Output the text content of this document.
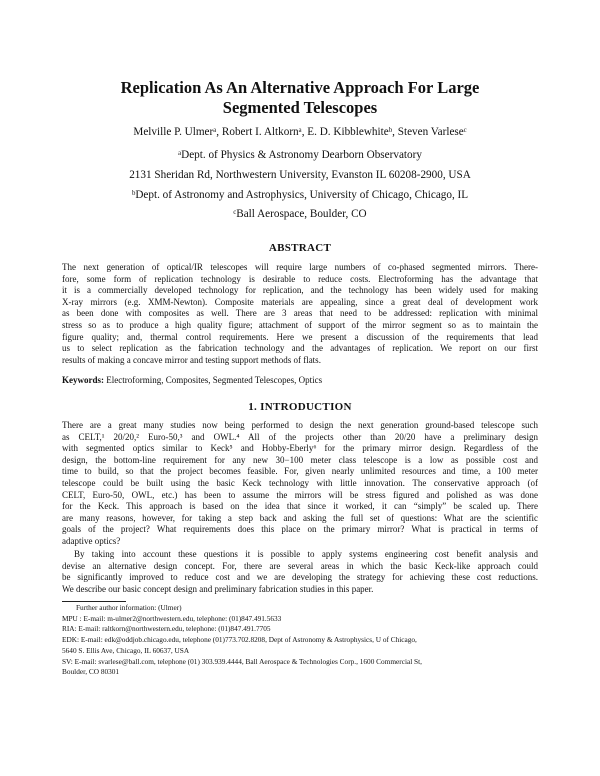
Replication As An Alternative Approach For Large
Segmented Telescopes
Melville P. Ulmerᵃ, Robert I. Altkornᵃ, E. D. Kibblewhiteᵇ, Steven Varleseᶜ
ᵃDept. of Physics & Astronomy Dearborn Observatory
2131 Sheridan Rd, Northwestern University, Evanston IL 60208-2900, USA
ᵇDept. of Astronomy and Astrophysics, University of Chicago, Chicago, IL
ᶜBall Aerospace, Boulder, CO
ABSTRACT
The next generation of optical/IR telescopes will require large numbers of co-phased segmented mirrors. There-
fore, some form of replication technology is desirable to reduce costs. Electroforming has the advantage that
it is a commercially developed technology for replication, and the technology has been widely used for making
X-ray mirrors (e.g. XMM-Newton). Composite materials are appealing, since a great deal of development work
as been done with composites as well. There are 3 areas that need to be addressed: replication with minimal
stress so as to produce a high quality figure; attachment of support of the mirror segment so as to maintain the
figure quality; and, thermal control requirements. Here we present a discussion of the requirements that lead
us to select replication as the fabrication technology and the advantages of replication. We report on our first
results of making a concave mirror and testing support methods of flats.
Keywords: Electroforming, Composites, Segmented Telescopes, Optics
1. INTRODUCTION
There are a great many studies now being performed to design the next generation ground-based telescope such
as CELT,¹ 20/20,² Euro-50,³ and OWL.⁴ All of the projects other than 20/20 have a preliminary design
with segmented optics similar to Keck⁵ and Hobby-Eberly⁶ for the primary mirror design. Regardless of the
design, the bottom-line requirement for any new 30−100 meter class telescope is a low as possible cost and
time to build, so that the project becomes feasible. For, given nearly unlimited resources and time, a 100 meter
telescope could be built using the basic Keck technology with little innovation. The conservative approach (of
CELT, Euro-50, OWL, etc.) has been to assume the mirrors will be stress figured and polished as was done
for the Keck. This approach is based on the idea that since it worked, it can “simply” be scaled up. There
are many reasons, however, for taking a step back and asking the full set of questions: What are the scientific
goals of the project? What requirements does this place on the primary mirror? What is practical in terms of
adaptive optics?
By taking into account these questions it is possible to apply systems engineering cost benefit analysis and
devise an alternative design concept. For, there are several areas in which the basic Keck-like approach could
be significantly improved to reduce cost and we are developing the strategy for achieving these cost reductions.
We describe our basic concept design and preliminary fabrication studies in this paper.
Further author information: (Ulmer)
MPU : E-mail: m-ulmer2@northwestern.edu, telephone: (01)847.491.5633
RIA: E-mail: raltkorn@northwestern.edu, telephone: (01)847.491.7705
EDK: E-mail: edk@oddjob.chicago.edu, telephone (01)773.702.8208, Dept of Astronomy & Astrophysics, U of Chicago,
5640 S. Ellis Ave, Chicago, IL 60637, USA
SV: E-mail: svarlese@ball.com, telephone (01) 303.939.4444, Ball Aerospace & Technologies Corp., 1600 Commercial St,
Boulder, CO 80301
